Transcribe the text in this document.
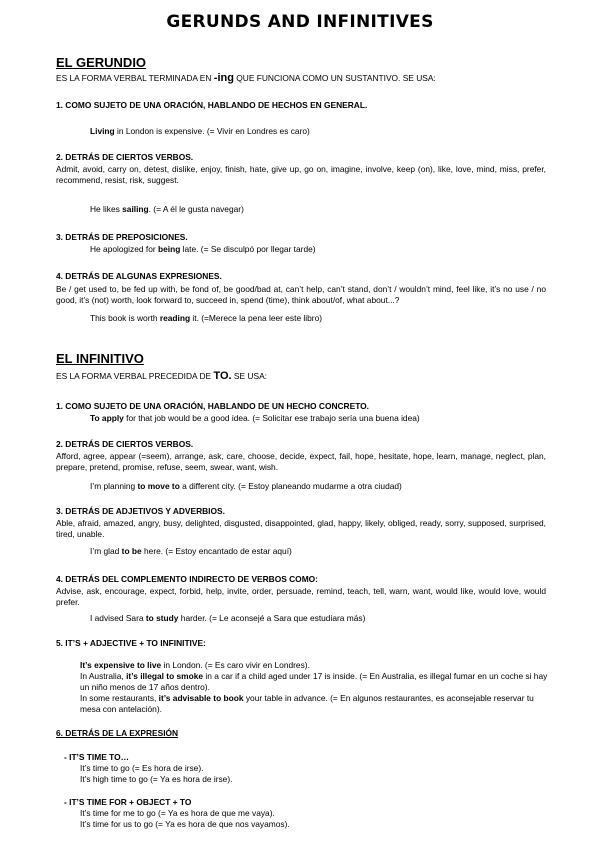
GERUNDS AND INFINITIVES
EL GERUNDIO
ES LA FORMA VERBAL TERMINADA EN -ing QUE FUNCIONA COMO UN SUSTANTIVO. SE USA:
1. COMO SUJETO DE UNA ORACIÓN, HABLANDO DE HECHOS EN GENERAL.
Living in London is expensive. (= Vivir en Londres es caro)
2. DETRÁS DE CIERTOS VERBOS.
Admit, avoid, carry on, detest, dislike, enjoy, finish, hate, give up, go on, imagine, involve, keep (on), like, love, mind, miss, prefer, recommend, resist, risk, suggest.
He likes sailing. (= A él le gusta navegar)
3. DETRÁS DE PREPOSICIONES.
He apologized for being late. (= Se disculpó por llegar tarde)
4. DETRÁS DE ALGUNAS EXPRESIONES.
Be / get used to, be fed up with, be fond of, be good/bad at, can’t help, can’t stand, don’t / wouldn’t mind, feel like, it’s no use / no good, it’s (not) worth, look forward to, succeed in, spend (time), think about/of, what about...?
This book is worth reading it. (=Merece la pena leer este libro)
EL INFINITIVO
ES LA FORMA VERBAL PRECEDIDA DE TO. SE USA:
1. COMO SUJETO DE UNA ORACIÓN, HABLANDO DE UN HECHO CONCRETO.
To apply for that job would be a good idea. (= Solicitar ese trabajo sería una buena idea)
2. DETRÁS DE CIERTOS VERBOS.
Afford, agree, appear (=seem), arrange, ask, care, choose, decide, expect, fail, hope, hesitate, hope, learn, manage, neglect, plan, prepare, pretend, promise, refuse, seem, swear, want, wish.
I’m planning to move to a different city. (= Estoy planeando mudarme a otra ciudad)
3. DETRÁS DE ADJETIVOS Y ADVERBIOS.
Able, afraid, amazed, angry, busy, delighted, disgusted, disappointed, glad, happy, likely, obliged, ready, sorry, supposed, surprised, tired, unable.
I’m glad to be here. (= Estoy encantado de estar aquí)
4. DETRÁS DEL COMPLEMENTO INDIRECTO DE VERBOS COMO:
Advise, ask, encourage, expect, forbid, help, invite, order, persuade, remind, teach, tell, warn, want, would like, would love, would prefer.
I advised Sara to study harder. (= Le aconsejé a Sara que estudiara más)
5. IT’S + ADJECTIVE + TO INFINITIVE:
It’s expensive to live in London. (= Es caro vivir en Londres).
In Australia, it’s illegal to smoke in a car if a child aged under 17 is inside. (= En Australia, es illegal fumar en un coche si hay un niño menos de 17 años dentro).
In some restaurants, it’s advisable to book your table in advance. (= En algunos restaurantes, es aconsejable reservar tu mesa con antelación).
6. DETRÁS DE LA EXPRESIÓN
- IT’S TIME TO…
It’s time to go (= Es hora de irse).
It’s high time to go (= Ya es hora de irse).
- IT’S TIME FOR + OBJECT + TO
It’s time for me to go (= Ya es hora de que me vaya).
It’s time for us to go (= Ya es hora de que nos vayamos).
